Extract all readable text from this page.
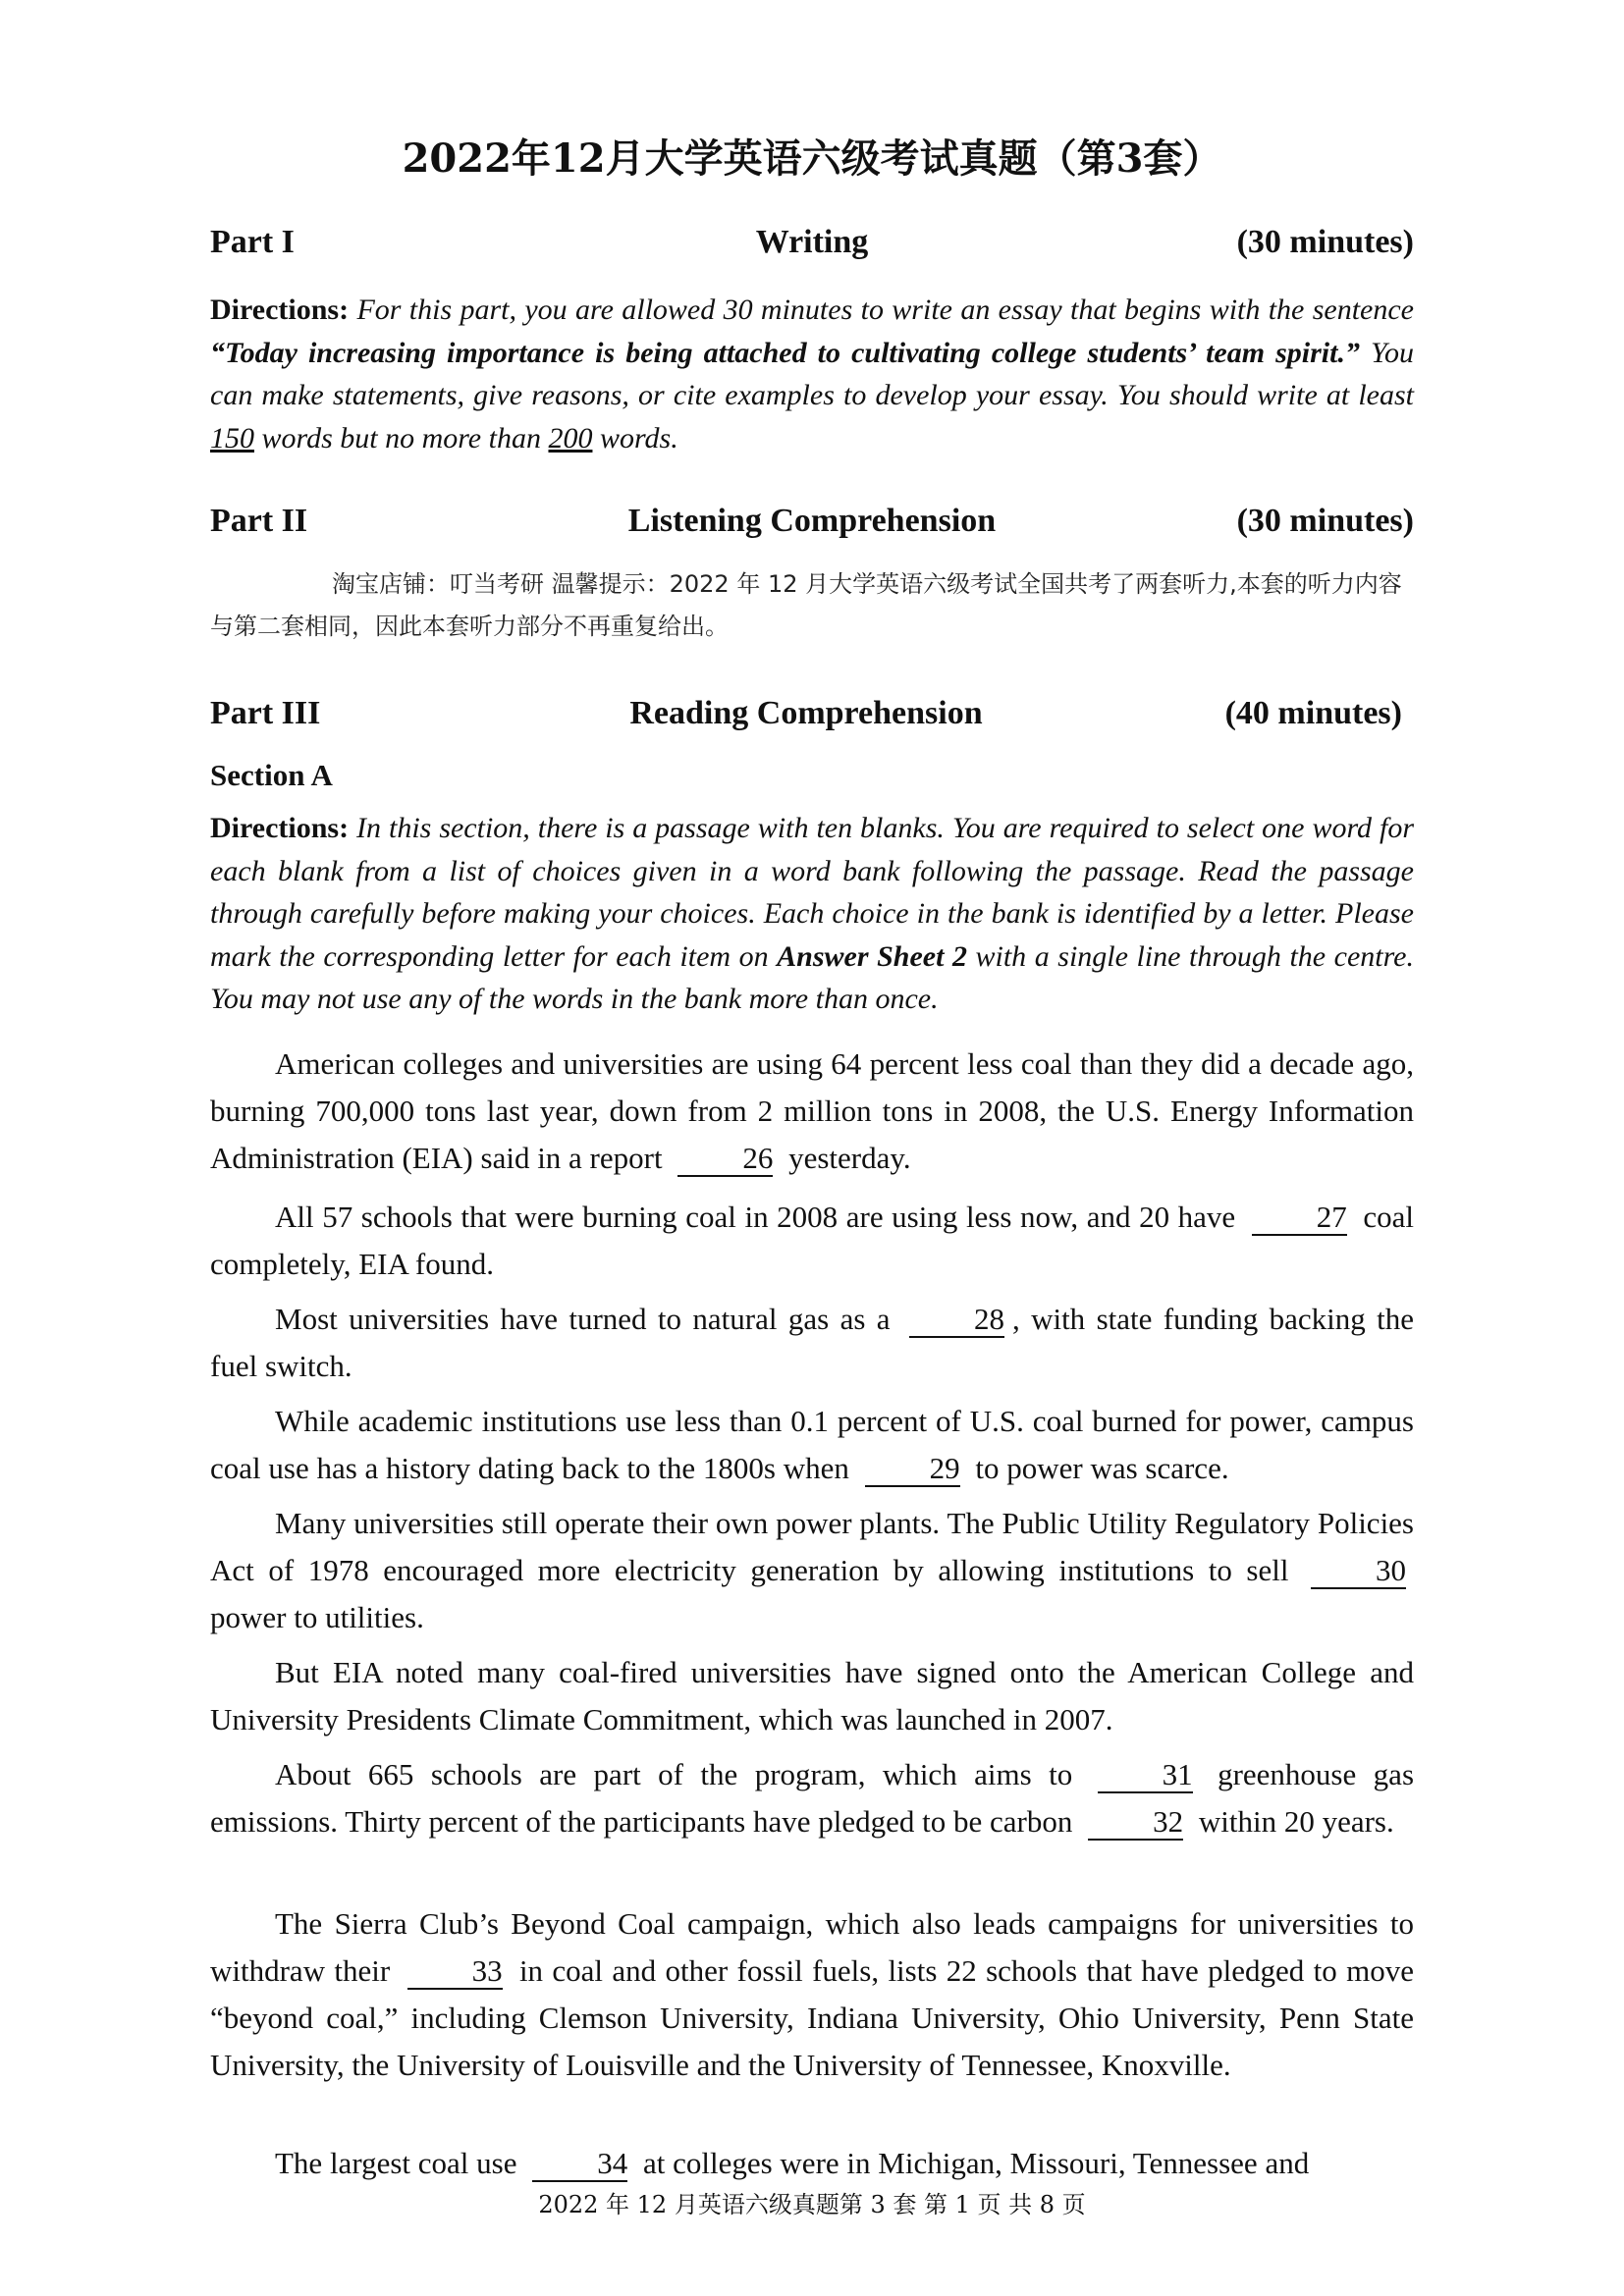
2022年12月大学英语六级考试真题（第3套）
Part I	Writing	(30 minutes)
Directions: For this part, you are allowed 30 minutes to write an essay that begins with the sentence “Today increasing importance is being attached to cultivating college students’ team spirit.” You can make statements, give reasons, or cite examples to develop your essay. You should write at least 150 words but no more than 200 words.
Part II	Listening Comprehension	(30 minutes)
淘宝店铺：叮当考研 温馨提示：2022 年 12 月大学英语六级考试全国共考了两套听力,本套的听力内容与第二套相同，因此本套听力部分不再重复给出。
Part III	Reading Comprehension	(40 minutes)
Section A
Directions: In this section, there is a passage with ten blanks. You are required to select one word for each blank from a list of choices given in a word bank following the passage. Read the passage through carefully before making your choices. Each choice in the bank is identified by a letter. Please mark the corresponding letter for each item on Answer Sheet 2 with a single line through the centre. You may not use any of the words in the bank more than once.
American colleges and universities are using 64 percent less coal than they did a decade ago, burning 700,000 tons last year, down from 2 million tons in 2008, the U.S. Energy Information Administration (EIA) said in a report 26 yesterday.
All 57 schools that were burning coal in 2008 are using less now, and 20 have 27 coal completely, EIA found.
Most universities have turned to natural gas as a 28 , with state funding backing the fuel switch.
While academic institutions use less than 0.1 percent of U.S. coal burned for power, campus coal use has a history dating back to the 1800s when 29 to power was scarce.
Many universities still operate their own power plants. The Public Utility Regulatory Policies Act of 1978 encouraged more electricity generation by allowing institutions to sell 30 power to utilities.
But EIA noted many coal-fired universities have signed onto the American College and University Presidents Climate Commitment, which was launched in 2007.
About 665 schools are part of the program, which aims to 31 greenhouse gas emissions. Thirty percent of the participants have pledged to be carbon 32 within 20 years.
The Sierra Club’s Beyond Coal campaign, which also leads campaigns for universities to withdraw their 33 in coal and other fossil fuels, lists 22 schools that have pledged to move “beyond coal,” including Clemson University, Indiana University, Ohio University, Penn State University, the University of Louisville and the University of Tennessee, Knoxville.
The largest coal use 34 at colleges were in Michigan, Missouri, Tennessee and
2022 年 12 月英语六级真题第 3 套 第 1 页 共 8 页
